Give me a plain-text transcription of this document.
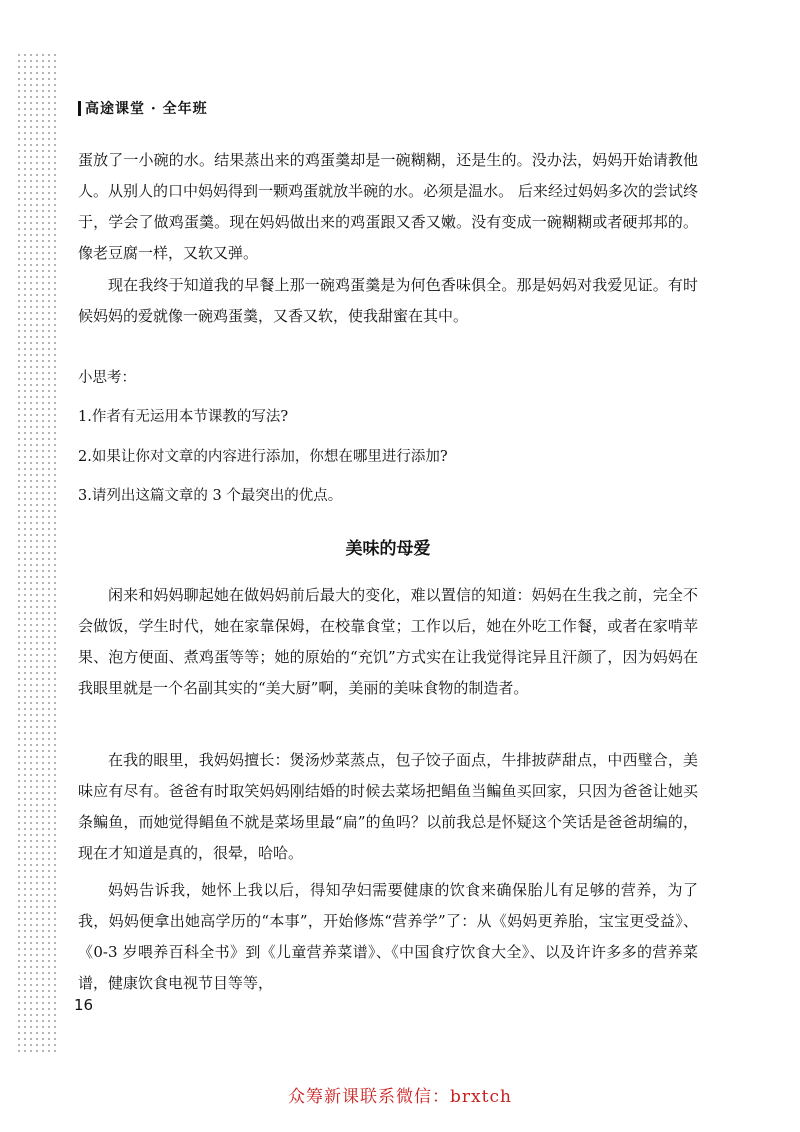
高途课堂 · 全年班
蛋放了一小碗的水。结果蒸出来的鸡蛋羹却是一碗糊糊，还是生的。没办法，妈妈开始请教他人。从别人的口中妈妈得到一颗鸡蛋就放半碗的水。必须是温水。 后来经过妈妈多次的尝试终于，学会了做鸡蛋羹。现在妈妈做出来的鸡蛋跟又香又嫩。没有变成一碗糊糊或者硬邦邦的。像老豆腐一样，又软又弹。
现在我终于知道我的早餐上那一碗鸡蛋羹是为何色香味俱全。那是妈妈对我爱见证。有时候妈妈的爱就像一碗鸡蛋羹，又香又软，使我甜蜜在其中。
小思考：
1.作者有无运用本节课教的写法?
2.如果让你对文章的内容进行添加，你想在哪里进行添加?
3.请列出这篇文章的 3 个最突出的优点。
美味的母爱
闲来和妈妈聊起她在做妈妈前后最大的变化，难以置信的知道：妈妈在生我之前，完全不会做饭，学生时代，她在家靠保姆，在校靠食堂；工作以后，她在外吃工作餐，或者在家啃苹果、泡方便面、煮鸡蛋等等；她的原始的“充饥”方式实在让我觉得诧异且汗颜了，因为妈妈在我眼里就是一个名副其实的“美大厨”啊，美丽的美味食物的制造者。
在我的眼里，我妈妈擅长：煲汤炒菜蒸点，包子饺子面点，牛排披萨甜点，中西璧合，美味应有尽有。爸爸有时取笑妈妈刚结婚的时候去菜场把鲳鱼当鳊鱼买回家，只因为爸爸让她买条鳊鱼，而她觉得鲳鱼不就是菜场里最“扁”的鱼吗？以前我总是怀疑这个笑话是爸爸胡编的，现在才知道是真的，很晕，哈哈。
妈妈告诉我，她怀上我以后，得知孕妇需要健康的饮食来确保胎儿有足够的营养，为了我，妈妈便拿出她高学历的“本事”，开始修炼“营养学”了：从《妈妈更养胎，宝宝更受益》、《0-3 岁喂养百科全书》到《儿童营养菜谱》、《中国食疗饮食大全》、以及许许多多的营养菜谱，健康饮食电视节目等等，
16
众筹新课联系微信：brxtch
